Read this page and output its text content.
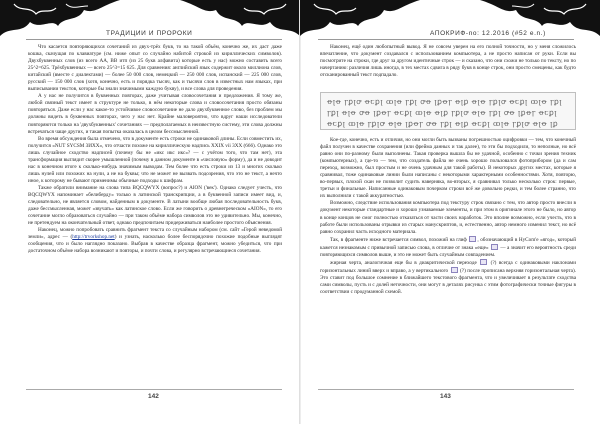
ТРАДИЦИИ И ПРОРОКИ

Что касается повторяющихся сочетаний из двух-трёх букв, то на такой объём, конечно же, их даст даже кошка, скачущая по клавиатуре (см. ниже опыт со случайно набитой строкой из кириллических символов). Двухбуквенных слов (из всего АА, BB итп (из 25 букв алфавита) которые есть у нас) можно составить всего 25^2=625. Трёхбуквенных — всего 25^3=15 625. Для сравнения: английский язык содержит около миллиона слов, китайский (вместе с диалектами) — более 50 000 слов, немецкий — 250 000 слов, испанский — 225 000 слов, русский — 150 000 слов (хотя, конечно, есть и порядка тысяч, как и тысячи слов в известных нам языках, при выписывании текстов, которые бы знали значимыми каждую букву), и все слова для проведения.

А у нас не получится в буквенных повторах, даже учитывая словосочетания и предложения. Я тому же, любой связный текст имеет в структуре не только, в нём некоторые слова и словосочетания просто обязаны повторяться. Даже если у нас какое-то устойчивое словосочетание не дало двухбуквенное слово, без проблем мы должны видеть в буквенных повторах, чего у нас нет. Крайне маловероятно, что вдруг наши исследователи повторяются только на 'двухбуквенных' сочетаниях — предполагаемых в неизвестную систему, эти слова должны встречаться чаще других, и такая попытка оказалась в целом бессмысленной.

Во время обсуждения была отмечено, что в документе есть строки не одинаковой длины. Если совместить их, получится «NUT SYCSM 3ИXX», что отчасти похоже на кириллическую надпись XXIX vii 3XX (666). Однако это лишь случайное сходство надписей (почему бы не «икс икс икс»? — с учётом того, что там нет), эта трансформация выглядит скорее умышленной (почему в данном документе в «числовую» форму), да и не доводит нас в конечном итоге к сколько-нибудь значимым выводам. Тем более что есть строки из 13 и многих сколько лишь нулей или похожих на нули, а не на буквы; что не может не вызвать подозрения, что это не текст, а нечто иное, к которому не бывают применимы обычные подходы к шифрам.

Также обратили внимание на слова типа BQCQWYX (вопрос?) и AION ('век'). Однако следует учесть, что BQCQWYX напоминает «белиберду» только в латинской транскрипции, а в буквенной записи имеет вид, и, следовательно, не является словом, найденным в документе. В латыни вообще любая последовательность букв, даже бессмысленная, может «звучать» как латинское слово. Если же говорить о древнегреческом «AION», то его сочетание могло образоваться случайно — при таком объёме набора символов это не удивительно. Мы, конечно, не претендуем на окончательный ответ, однако предпочитаем придерживаться наиболее простого объяснения.

Наконец, можно попробовать сравнить фрагмент текста со случайным набором (см. сайт «Герой неведомой земли», адрес — (http://trvorkshop.net) и узнать, насколько более беспорядочно похожие подобные выглядят сообщения, что и было наглядно показано. Выбрав в качестве образца фрагмент, можно убедиться, что при достаточном объёме набора возникают и повторы, и почти слова, и регулярно встречающиеся сочетания.

142
АПОКРИФ-no: 12.2016 (#52 e.n.)

Наконец, ещё один любопытный вывод. Я не совсем уверен на его полной точности, но у меня сложилось впечатление, что документ создавался с использованием компьютера, а не просто написан от руки. Если вы посмотрите на строки, где друг за другом идентичные строк — и сказано, что они схожи не только по тексту, но по начертанию: различия лишь иногда, в тех местах сдвига в ряду букв в конце строк, они просто смещены, как будто отсканированный текст подпадало.

ꝋꞁꝋ ꞅꝑꞁꝍ ꝋꞇꝑꞁ ꝏꞁꝋ ꞅꝑꞁ ꝍꝋ ꞁꝑꝋꞅ ꝋꞁꝑ ꝋꞁꝋ ꞅꝑꞁꝍ ꝋꞇꝑꞁ ꝏꞁꝋ ꞅꝑꞁ
ꞅꝑꞁ ꝋꞁꝋ ꝍꝋ ꞁꝑꝋꞅ ꝋꞇꝑꞁ ꝏꞁꝋ ꝋꞁꝑ ꞅꝑꞁꝍ ꝋꞁꝋ ꞅꝑꞁ ꝍꝋ ꞁꝑꝋꞅ ꝋꞇꝑꞁ
ꝋꞇꝑꞁ ꝏꞁꝋ ꞅꝑꞁꝍ ꝋꞁꝋ ꞁꝑꝋꞅ ꝍꝋ ꞅꝑꞁ ꝋꞁꝑ ꝋꞇꝑꞁ ꝏꞁꝋ ꞅꝑꞁꝍ ꝋꞁꝋ ꞁꝑ

Кое-где, конечно, есть и отличия, но они могли быть вызваны погрешностью оцифровки — тем, что конечный файл получен в качестве сохранения (или фрейма данных и так далее), то эти бы подходили, то неполные, но всё равно они по-разному были выполнены. Такая проверка вышла бы не удачной, особенно с точки зрения техник (компьютерных), а где-то — тем, что создатель файла не очень хорошо пользовался фотоприбором (да и сам переход, возможно, был простым и не очень удачным для такой работы). В некоторых других местах, которые я сравнивал, тоже одинаковые линии были написаны с некоторыми характерными особенностями. Хотя, повторю, во-первых, плохой скан не позволит судить наверняка, во-вторых, я сравнивал только несколько строк: первые, третьи и финальные. Написанные одинаковым почерком строки всё же довольно редки, и тем более странно, что их выполнили с такой аккуратностью.

Возможно, следствие использования компьютера под текстуру строк связано с тем, что автор просто внесли в документ некоторые стандартные и хорошо узнаваемые элементы, и при этом в оригинале этого не было, но автор в конце концов не смог полностью отказаться от части своих наработок. Это вполне возможно, если учесть, что в работе были использованы отрывки из старых манускриптов, и, естественно, автор немного изменил текст, но всё равно сохранил часть исходного материала.

Так, в фрагменте ниже встречается символ, похожий на глиф , обозначающий в HyCom'e «ягод», который кажется незнакомым с привычной записью слова, в отличие от знака «еще»  — а значит его вероятность среди повторяющихся символов выше, и это не может быть случайным совпадением.

жирная черта, аналогичная еще бы в диакритической переходе  (?) всегда с одинаковыми наклонами горизонтальных линий вверх и вправо, а у вертикального  (?) после прописана верхняя горизонтальная черта). Это ставит под большое сомнение в ближайшего текстового фрагмента, что и увеличивает в результате сходства сами символы, пусть и с долей неточности, они могут в деталях рисунка с этим фотографически точные фигуры в соответствии с продуманной схемой.

143
